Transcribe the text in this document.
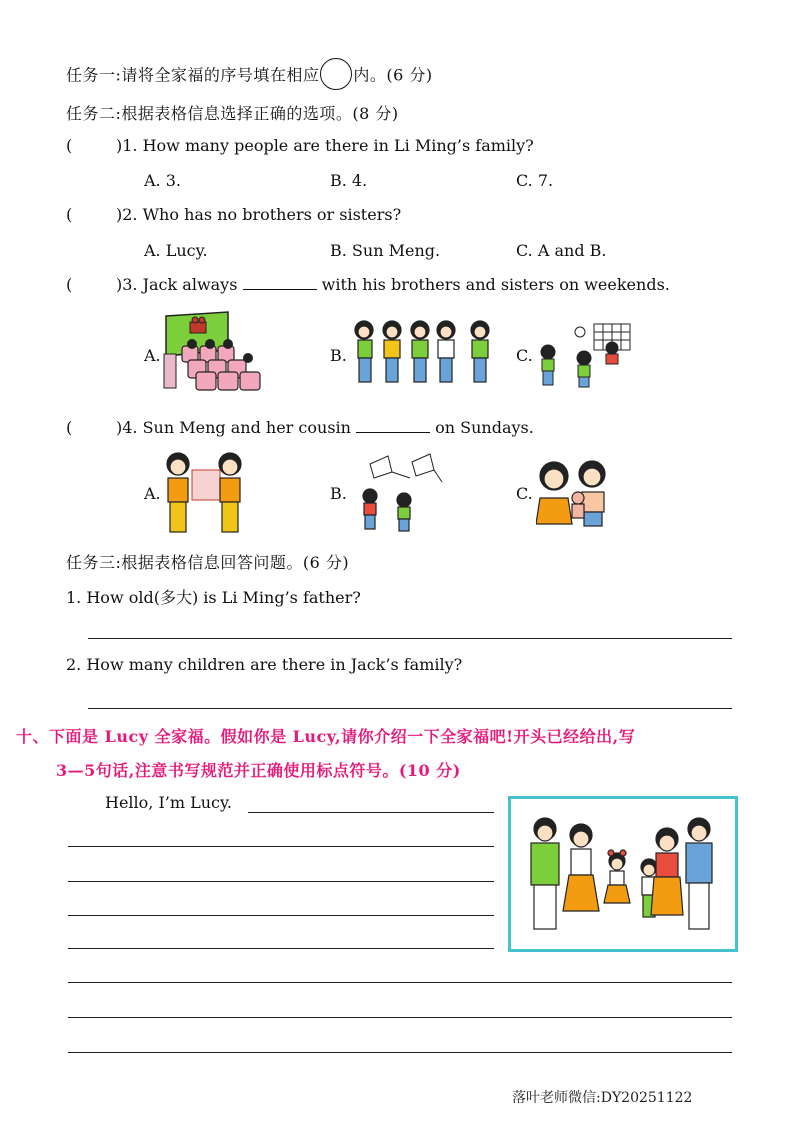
任务一:请将全家福的序号填在相应 内。(6 分)
任务二:根据表格信息选择正确的选项。(8 分)
(	)1. How many people are there in Li Ming’s family?
A. 3.	B. 4.	C. 7.
(	)2. Who has no brothers or sisters?
A. Lucy.	B. Sun Meng.	C. A and B.
(	)3. Jack always	with his brothers and sisters on weekends.
A.	B.	C.
(	)4. Sun Meng and her cousin	on Sundays.
A.	B.	C.
任务三:根据表格信息回答问题。(6 分)
1. How old(多大) is Li Ming’s father?
2. How many children are there in Jack’s family?
十、下面是 Lucy 全家福。假如你是 Lucy,请你介绍一下全家福吧!开头已经给出,写
3—5句话,注意书写规范并正确使用标点符号。(10 分)
Hello, I’m Lucy.
落叶老师微信:DY20251122
